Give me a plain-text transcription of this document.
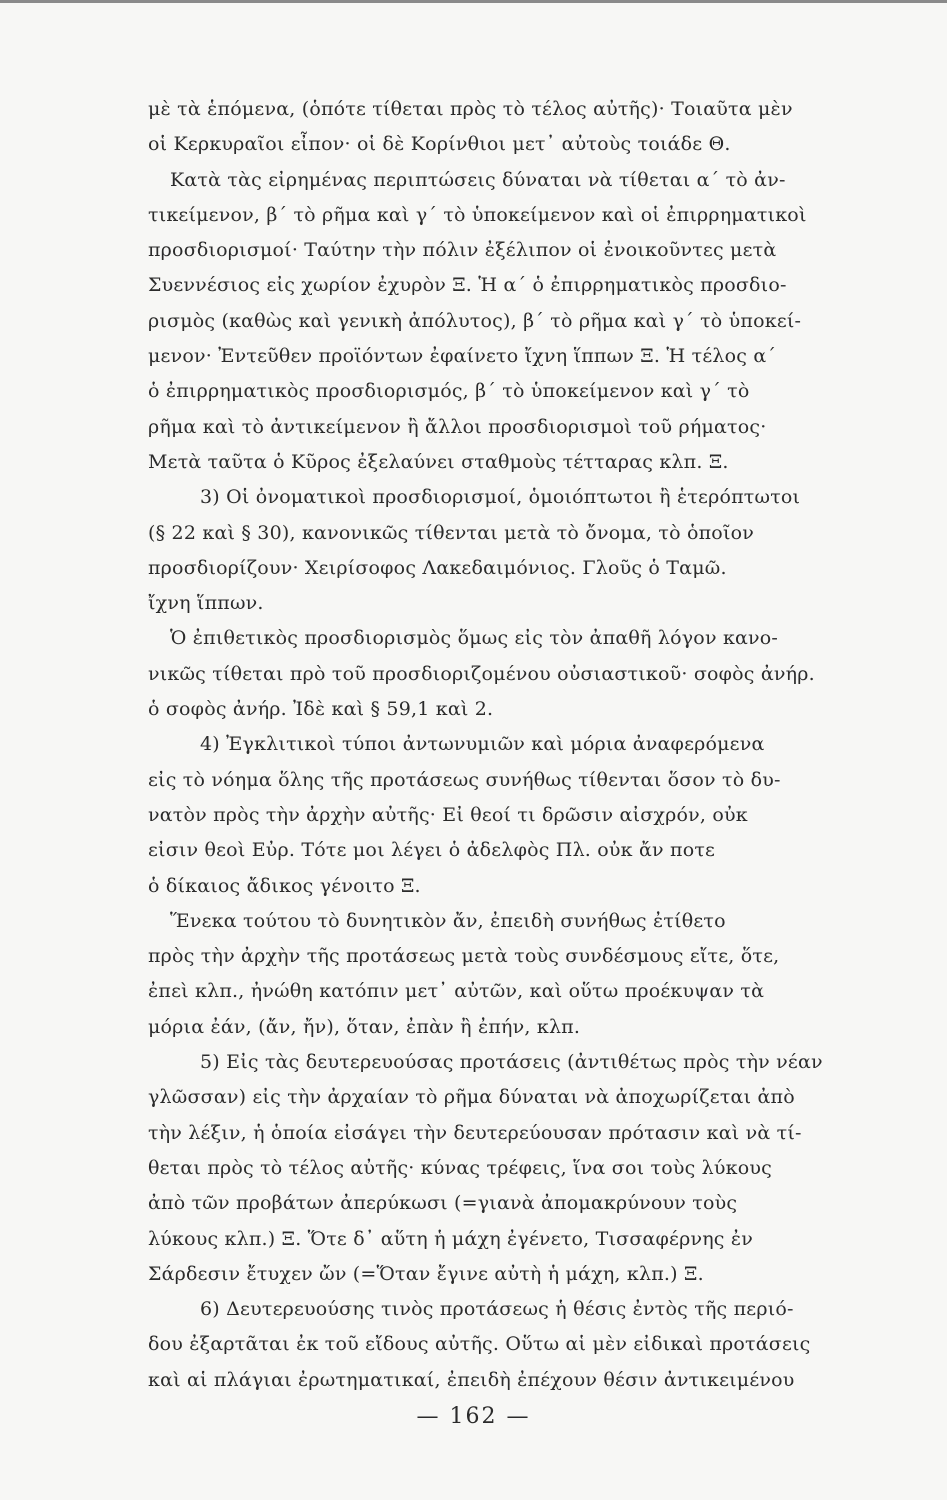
μὲ τὰ ἑπόμενα, (ὁπότε τίθεται πρὸς τὸ τέλος αὐτῆς)· Τοιαῦτα μὲν
οἱ Κερκυραῖοι εἶπον· οἱ δὲ Κορίνθιοι μετ᾿ αὐτοὺς τοιάδε Θ.
Κατὰ τὰς εἰρημένας περιπτώσεις δύναται νὰ τίθεται α΄ τὸ ἀν-
τικείμενον, β΄ τὸ ρῆμα καὶ γ΄ τὸ ὑποκείμενον καὶ οἱ ἐπιρρηματικοὶ
προσδιορισμοί· Ταύτην τὴν πόλιν ἐξέλιπον οἱ ἐνοικοῦντες μετὰ
Συεννέσιος εἰς χωρίον ἐχυρὸν Ξ. Ἡ α΄ ὁ ἐπιρρηματικὸς προσδιο-
ρισμὸς (καθὼς καὶ γενικὴ ἀπόλυτος), β΄ τὸ ρῆμα καὶ γ΄ τὸ ὑποκεί-
μενον· Ἐντεῦθεν προϊόντων ἐφαίνετο ἴχνη ἵππων Ξ. Ἡ τέλος α΄
ὁ ἐπιρρηματικὸς προσδιορισμός, β΄ τὸ ὑποκείμενον καὶ γ΄ τὸ
ρῆμα καὶ τὸ ἀντικείμενον ἢ ἄλλοι προσδιορισμοὶ τοῦ ρήματος·
Μετὰ ταῦτα ὁ Κῦρος ἐξελαύνει σταθμοὺς τέτταρας κλπ. Ξ.
3) Οἱ ὀνοματικοὶ προσδιορισμοί, ὁμοιόπτωτοι ἢ ἑτερόπτωτοι
(§ 22 καὶ § 30), κανονικῶς τίθενται μετὰ τὸ ὄνομα, τὸ ὁποῖον
προσδιορίζουν· Χειρίσοφος Λακεδαιμόνιος. Γλοῦς ὁ Ταμῶ.
ἴχνη ἵππων.
Ὁ ἐπιθετικὸς προσδιορισμὸς ὅμως εἰς τὸν ἀπαθῆ λόγον κανο-
νικῶς τίθεται πρὸ τοῦ προσδιοριζομένου οὐσιαστικοῦ· σοφὸς ἀνήρ.
ὁ σοφὸς ἀνήρ. Ἰδὲ καὶ § 59,1 καὶ 2.
4) Ἐγκλιτικοὶ τύποι ἀντωνυμιῶν καὶ μόρια ἀναφερόμενα
εἰς τὸ νόημα ὅλης τῆς προτάσεως συνήθως τίθενται ὅσον τὸ δυ-
νατὸν πρὸς τὴν ἀρχὴν αὐτῆς· Εἰ θεοί τι δρῶσιν αἰσχρόν, οὐκ
εἰσιν θεοὶ Εὐρ. Τότε μοι λέγει ὁ ἀδελφὸς Πλ. οὐκ ἄν ποτε
ὁ δίκαιος ἄδικος γένοιτο Ξ.
Ἕνεκα τούτου τὸ δυνητικὸν ἄν, ἐπειδὴ συνήθως ἐτίθετο
πρὸς τὴν ἀρχὴν τῆς προτάσεως μετὰ τοὺς συνδέσμους εἴτε, ὅτε,
ἐπεὶ κλπ., ἠνώθη κατόπιν μετ᾿ αὐτῶν, καὶ οὕτω προέκυψαν τὰ
μόρια ἐάν, (ἄν, ἤν), ὅταν, ἐπὰν ἢ ἐπήν, κλπ.
5) Εἰς τὰς δευτερευούσας προτάσεις (ἀντιθέτως πρὸς τὴν νέαν
γλῶσσαν) εἰς τὴν ἀρχαίαν τὸ ρῆμα δύναται νὰ ἀποχωρίζεται ἀπὸ
τὴν λέξιν, ἡ ὁποία εἰσάγει τὴν δευτερεύουσαν πρότασιν καὶ νὰ τί-
θεται πρὸς τὸ τέλος αὐτῆς· κύνας τρέφεις, ἵνα σοι τοὺς λύκους
ἀπὸ τῶν προβάτων ἀπερύκωσι (=γιανὰ ἀπομακρύνουν τοὺς
λύκους κλπ.) Ξ. Ὅτε δ᾿ αὕτη ἡ μάχη ἐγένετο, Τισσαφέρνης ἐν
Σάρδεσιν ἔτυχεν ὤν (=Ὅταν ἔγινε αὐτὴ ἡ μάχη, κλπ.) Ξ.
6) Δευτερευούσης τινὸς προτάσεως ἡ θέσις ἐντὸς τῆς περιό-
δου ἐξαρτᾶται ἐκ τοῦ εἴδους αὐτῆς. Οὕτω αἱ μὲν εἰδικαὶ προτάσεις
καὶ αἱ πλάγιαι ἐρωτηματικαί, ἐπειδὴ ἐπέχουν θέσιν ἀντικειμένου
— 162 —
